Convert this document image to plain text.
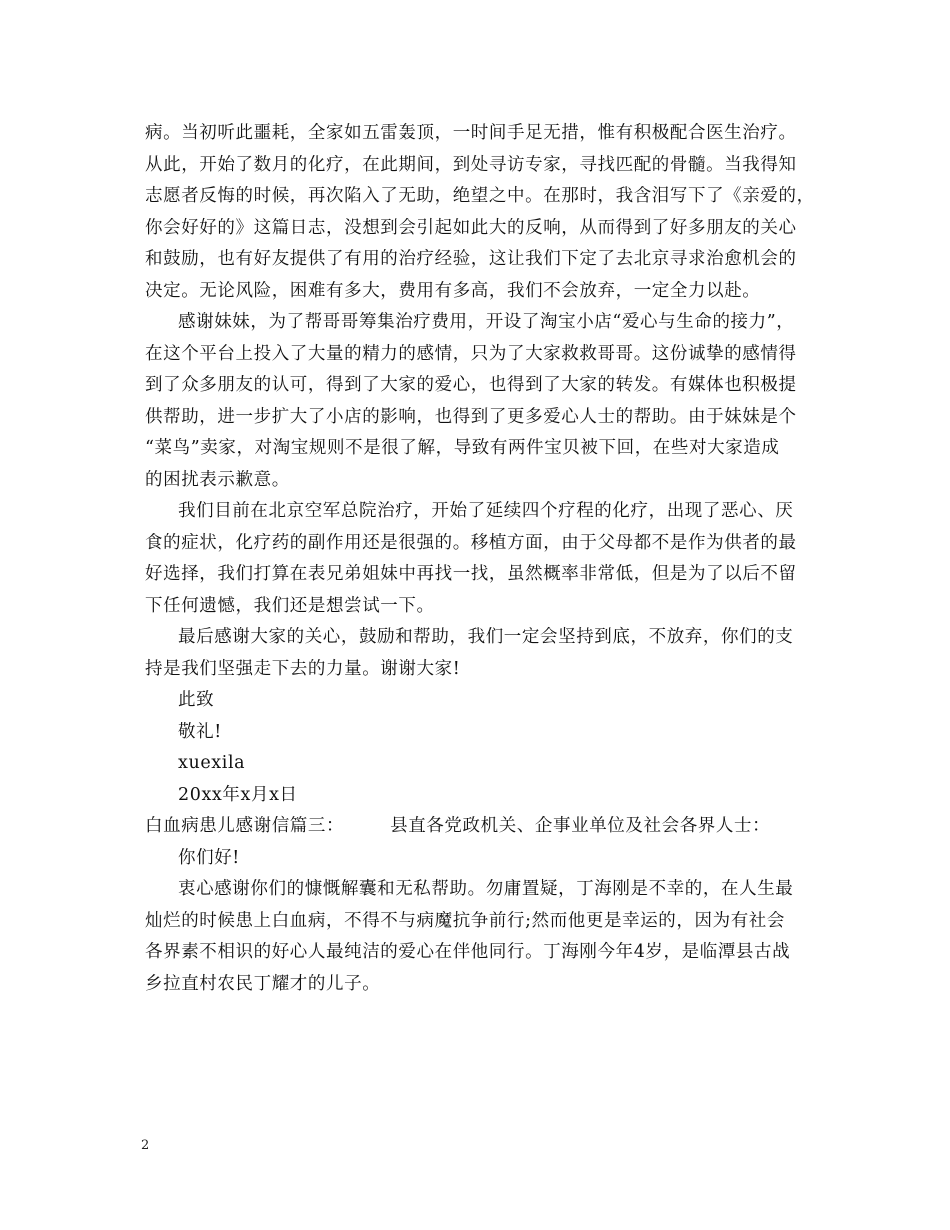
病。当初听此噩耗，全家如五雷轰顶，一时间手足无措，惟有积极配合医生治疗。
从此，开始了数月的化疗，在此期间，到处寻访专家，寻找匹配的骨髓。当我得知
志愿者反悔的时候，再次陷入了无助，绝望之中。在那时，我含泪写下了《亲爱的，
你会好好的》这篇日志，没想到会引起如此大的反响，从而得到了好多朋友的关心
和鼓励，也有好友提供了有用的治疗经验，这让我们下定了去北京寻求治愈机会的
决定。无论风险，困难有多大，费用有多高，我们不会放弃，一定全力以赴。
感谢妹妹，为了帮哥哥筹集治疗费用，开设了淘宝小店“爱心与生命的接力”，
在这个平台上投入了大量的精力的感情，只为了大家救救哥哥。这份诚挚的感情得
到了众多朋友的认可，得到了大家的爱心，也得到了大家的转发。有媒体也积极提
供帮助，进一步扩大了小店的影响，也得到了更多爱心人士的帮助。由于妹妹是个
“菜鸟”卖家，对淘宝规则不是很了解，导致有两件宝贝被下回，在些对大家造成
的困扰表示歉意。
我们目前在北京空军总院治疗，开始了延续四个疗程的化疗，出现了恶心、厌
食的症状，化疗药的副作用还是很强的。移植方面，由于父母都不是作为供者的最
好选择，我们打算在表兄弟姐妹中再找一找，虽然概率非常低，但是为了以后不留
下任何遗憾，我们还是想尝试一下。
最后感谢大家的关心，鼓励和帮助，我们一定会坚持到底，不放弃，你们的支
持是我们坚强走下去的力量。谢谢大家!
此致
敬礼!
xuexila
20xx年x月x日
白血病患儿感谢信篇三：	县直各党政机关、企事业单位及社会各界人士：
你们好!
衷心感谢你们的慷慨解囊和无私帮助。勿庸置疑，丁海刚是不幸的，在人生最
灿烂的时候患上白血病，不得不与病魔抗争前行;然而他更是幸运的，因为有社会
各界素不相识的好心人最纯洁的爱心在伴他同行。丁海刚今年4岁，是临潭县古战
乡拉直村农民丁耀才的儿子。
2
